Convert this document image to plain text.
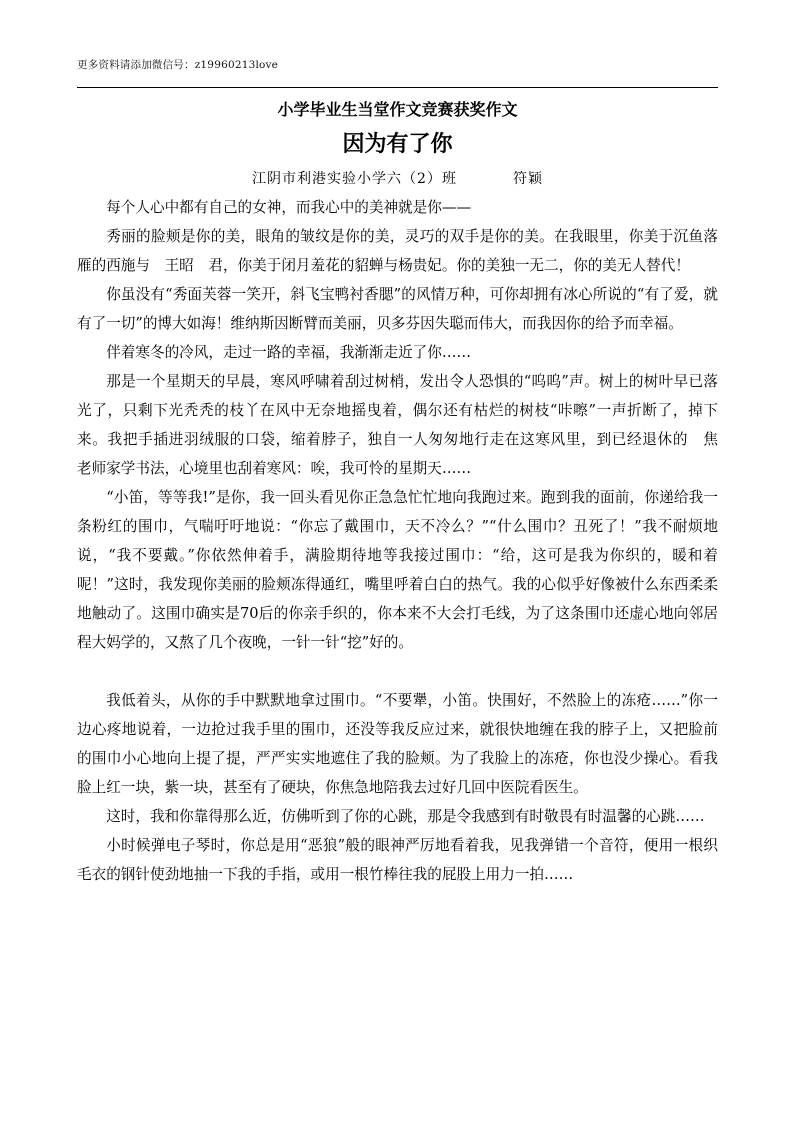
更多资料请添加微信号：z19960213love
小学毕业生当堂作文竞赛获奖作文
因为有了你
江阴市利港实验小学六（2）班	符颖

每个人心中都有自己的女神，而我心中的美神就是你——

秀丽的脸颊是你的美，眼角的皱纹是你的美，灵巧的双手是你的美。在我眼里，你美于沉鱼落雁的西施与　王昭　君，你美于闭月羞花的貂蝉与杨贵妃。你的美独一无二，你的美无人替代！

你虽没有“秀面芙蓉一笑开，斜飞宝鸭衬香腮”的风情万种，可你却拥有冰心所说的“有了爱，就有了一切”的博大如海！维纳斯因断臂而美丽，贝多芬因失聪而伟大，而我因你的给予而幸福。

伴着寒冬的冷风，走过一路的幸福，我渐渐走近了你……

那是一个星期天的早晨，寒风呼啸着刮过树梢，发出令人恐惧的“呜呜”声。树上的树叶早已落光了，只剩下光秃秃的枝丫在风中无奈地摇曳着，偶尔还有枯烂的树枝“咔嚓”一声折断了，掉下来。我把手插进羽绒服的口袋，缩着脖子，独自一人匆匆地行走在这寒风里，到已经退休的　焦　老师家学书法，心境里也刮着寒风：唉，我可怜的星期天……

“小笛，等等我!”是你，我一回头看见你正急急忙忙地向我跑过来。跑到我的面前，你递给我一条粉红的围巾，气喘吁吁地说：“你忘了戴围巾，天不冷么？”“什么围巾？丑死了！”我不耐烦地说，“我不要戴。”你依然伸着手，满脸期待地等我接过围巾：“给，这可是我为你织的，暖和着呢！”这时，我发现你美丽的脸颊冻得通红，嘴里呼着白白的热气。我的心似乎好像被什么东西柔柔地触动了。这围巾确实是70后的你亲手织的，你本来不大会打毛线，为了这条围巾还虚心地向邻居程大妈学的，又熬了几个夜晚，一针一针“挖”好的。

我低着头，从你的手中默默地拿过围巾。“不要犟，小笛。快围好，不然脸上的冻疮……”你一边心疼地说着，一边抢过我手里的围巾，还没等我反应过来，就很快地缠在我的脖子上，又把脸前的围巾小心地向上提了提，严严实实地遮住了我的脸颊。为了我脸上的冻疮，你也没少操心。看我脸上红一块，紫一块，甚至有了硬块，你焦急地陪我去过好几回中医院看医生。

这时，我和你靠得那么近，仿佛听到了你的心跳，那是令我感到有时敬畏有时温馨的心跳……

小时候弹电子琴时，你总是用“恶狼”般的眼神严厉地看着我，见我弹错一个音符，便用一根织毛衣的钢针使劲地抽一下我的手指，或用一根竹棒往我的屁股上用力一拍……
